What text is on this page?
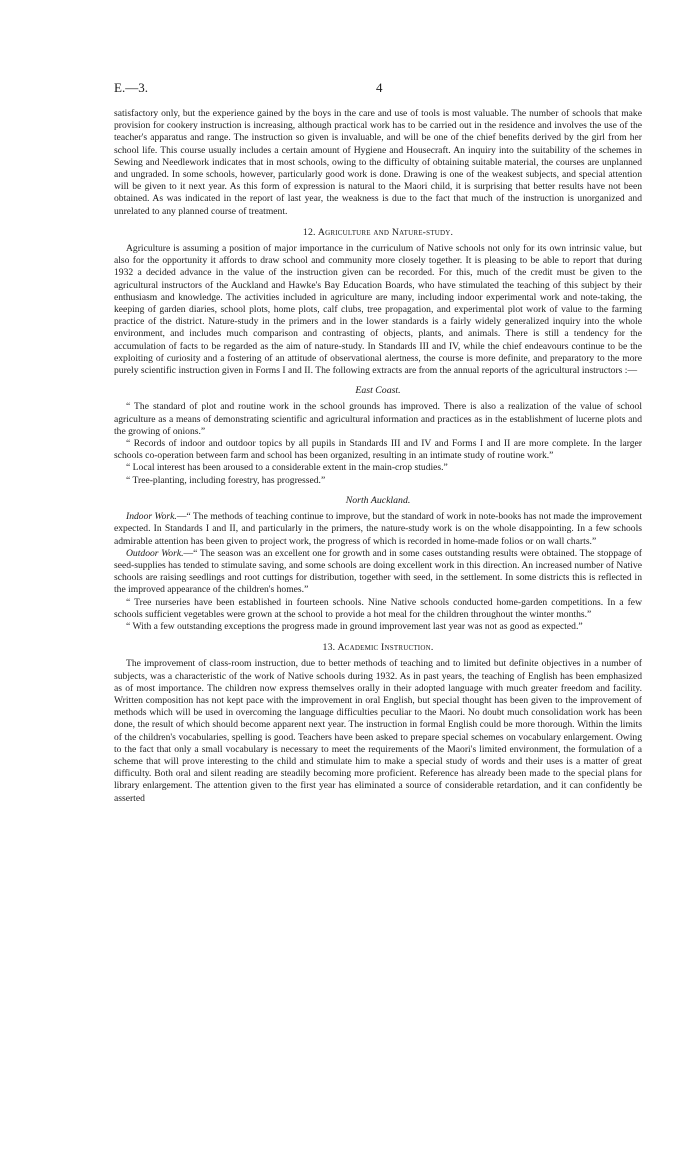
E.—3.	4

satisfactory only, but the experience gained by the boys in the care and use of tools is most valuable. The number of schools that make provision for cookery instruction is increasing, although practical work has to be carried out in the residence and involves the use of the teacher's apparatus and range. The instruction so given is invaluable, and will be one of the chief benefits derived by the girl from her school life. This course usually includes a certain amount of Hygiene and Housecraft. An inquiry into the suitability of the schemes in Sewing and Needlework indicates that in most schools, owing to the difficulty of obtaining suitable material, the courses are unplanned and ungraded. In some schools, however, particularly good work is done. Drawing is one of the weakest subjects, and special attention will be given to it next year. As this form of expression is natural to the Maori child, it is surprising that better results have not been obtained. As was indicated in the report of last year, the weakness is due to the fact that much of the instruction is unorganized and unrelated to any planned course of treatment.

12. Agriculture and Nature-study.

Agriculture is assuming a position of major importance in the curriculum of Native schools not only for its own intrinsic value, but also for the opportunity it affords to draw school and community more closely together. It is pleasing to be able to report that during 1932 a decided advance in the value of the instruction given can be recorded. For this, much of the credit must be given to the agricultural instructors of the Auckland and Hawke's Bay Education Boards, who have stimulated the teaching of this subject by their enthusiasm and knowledge. The activities included in agriculture are many, including indoor experimental work and note-taking, the keeping of garden diaries, school plots, home plots, calf clubs, tree propagation, and experimental plot work of value to the farming practice of the district. Nature-study in the primers and in the lower standards is a fairly widely generalized inquiry into the whole environment, and includes much comparison and contrasting of objects, plants, and animals. There is still a tendency for the accumulation of facts to be regarded as the aim of nature-study. In Standards III and IV, while the chief endeavours continue to be the exploiting of curiosity and a fostering of an attitude of observational alertness, the course is more definite, and preparatory to the more purely scientific instruction given in Forms I and II. The following extracts are from the annual reports of the agricultural instructors :—

East Coast.

“ The standard of plot and routine work in the school grounds has improved. There is also a realization of the value of school agriculture as a means of demonstrating scientific and agricultural information and practices as in the establishment of lucerne plots and the growing of onions.”

“ Records of indoor and outdoor topics by all pupils in Standards III and IV and Forms I and II are more complete. In the larger schools co-operation between farm and school has been organized, resulting in an intimate study of routine work.”

“ Local interest has been aroused to a considerable extent in the main-crop studies.”

“ Tree-planting, including forestry, has progressed.”

North Auckland.

Indoor Work.—“ The methods of teaching continue to improve, but the standard of work in note-books has not made the improvement expected. In Standards I and II, and particularly in the primers, the nature-study work is on the whole disappointing. In a few schools admirable attention has been given to project work, the progress of which is recorded in home-made folios or on wall charts.”

Outdoor Work.—“ The season was an excellent one for growth and in some cases outstanding results were obtained. The stoppage of seed-supplies has tended to stimulate saving, and some schools are doing excellent work in this direction. An increased number of Native schools are raising seedlings and root cuttings for distribution, together with seed, in the settlement. In some districts this is reflected in the improved appearance of the children's homes.”

“ Tree nurseries have been established in fourteen schools. Nine Native schools conducted home-garden competitions. In a few schools sufficient vegetables were grown at the school to provide a hot meal for the children throughout the winter months.”

“ With a few outstanding exceptions the progress made in ground improvement last year was not as good as expected.”

13. Academic Instruction.

The improvement of class-room instruction, due to better methods of teaching and to limited but definite objectives in a number of subjects, was a characteristic of the work of Native schools during 1932. As in past years, the teaching of English has been emphasized as of most importance. The children now express themselves orally in their adopted language with much greater freedom and facility. Written composition has not kept pace with the improvement in oral English, but special thought has been given to the improvement of methods which will be used in overcoming the language difficulties peculiar to the Maori. No doubt much consolidation work has been done, the result of which should become apparent next year. The instruction in formal English could be more thorough. Within the limits of the children's vocabularies, spelling is good. Teachers have been asked to prepare special schemes on vocabulary enlargement. Owing to the fact that only a small vocabulary is necessary to meet the requirements of the Maori's limited environment, the formulation of a scheme that will prove interesting to the child and stimulate him to make a special study of words and their uses is a matter of great difficulty. Both oral and silent reading are steadily becoming more proficient. Reference has already been made to the special plans for library enlargement. The attention given to the first year has eliminated a source of considerable retardation, and it can confidently be asserted
